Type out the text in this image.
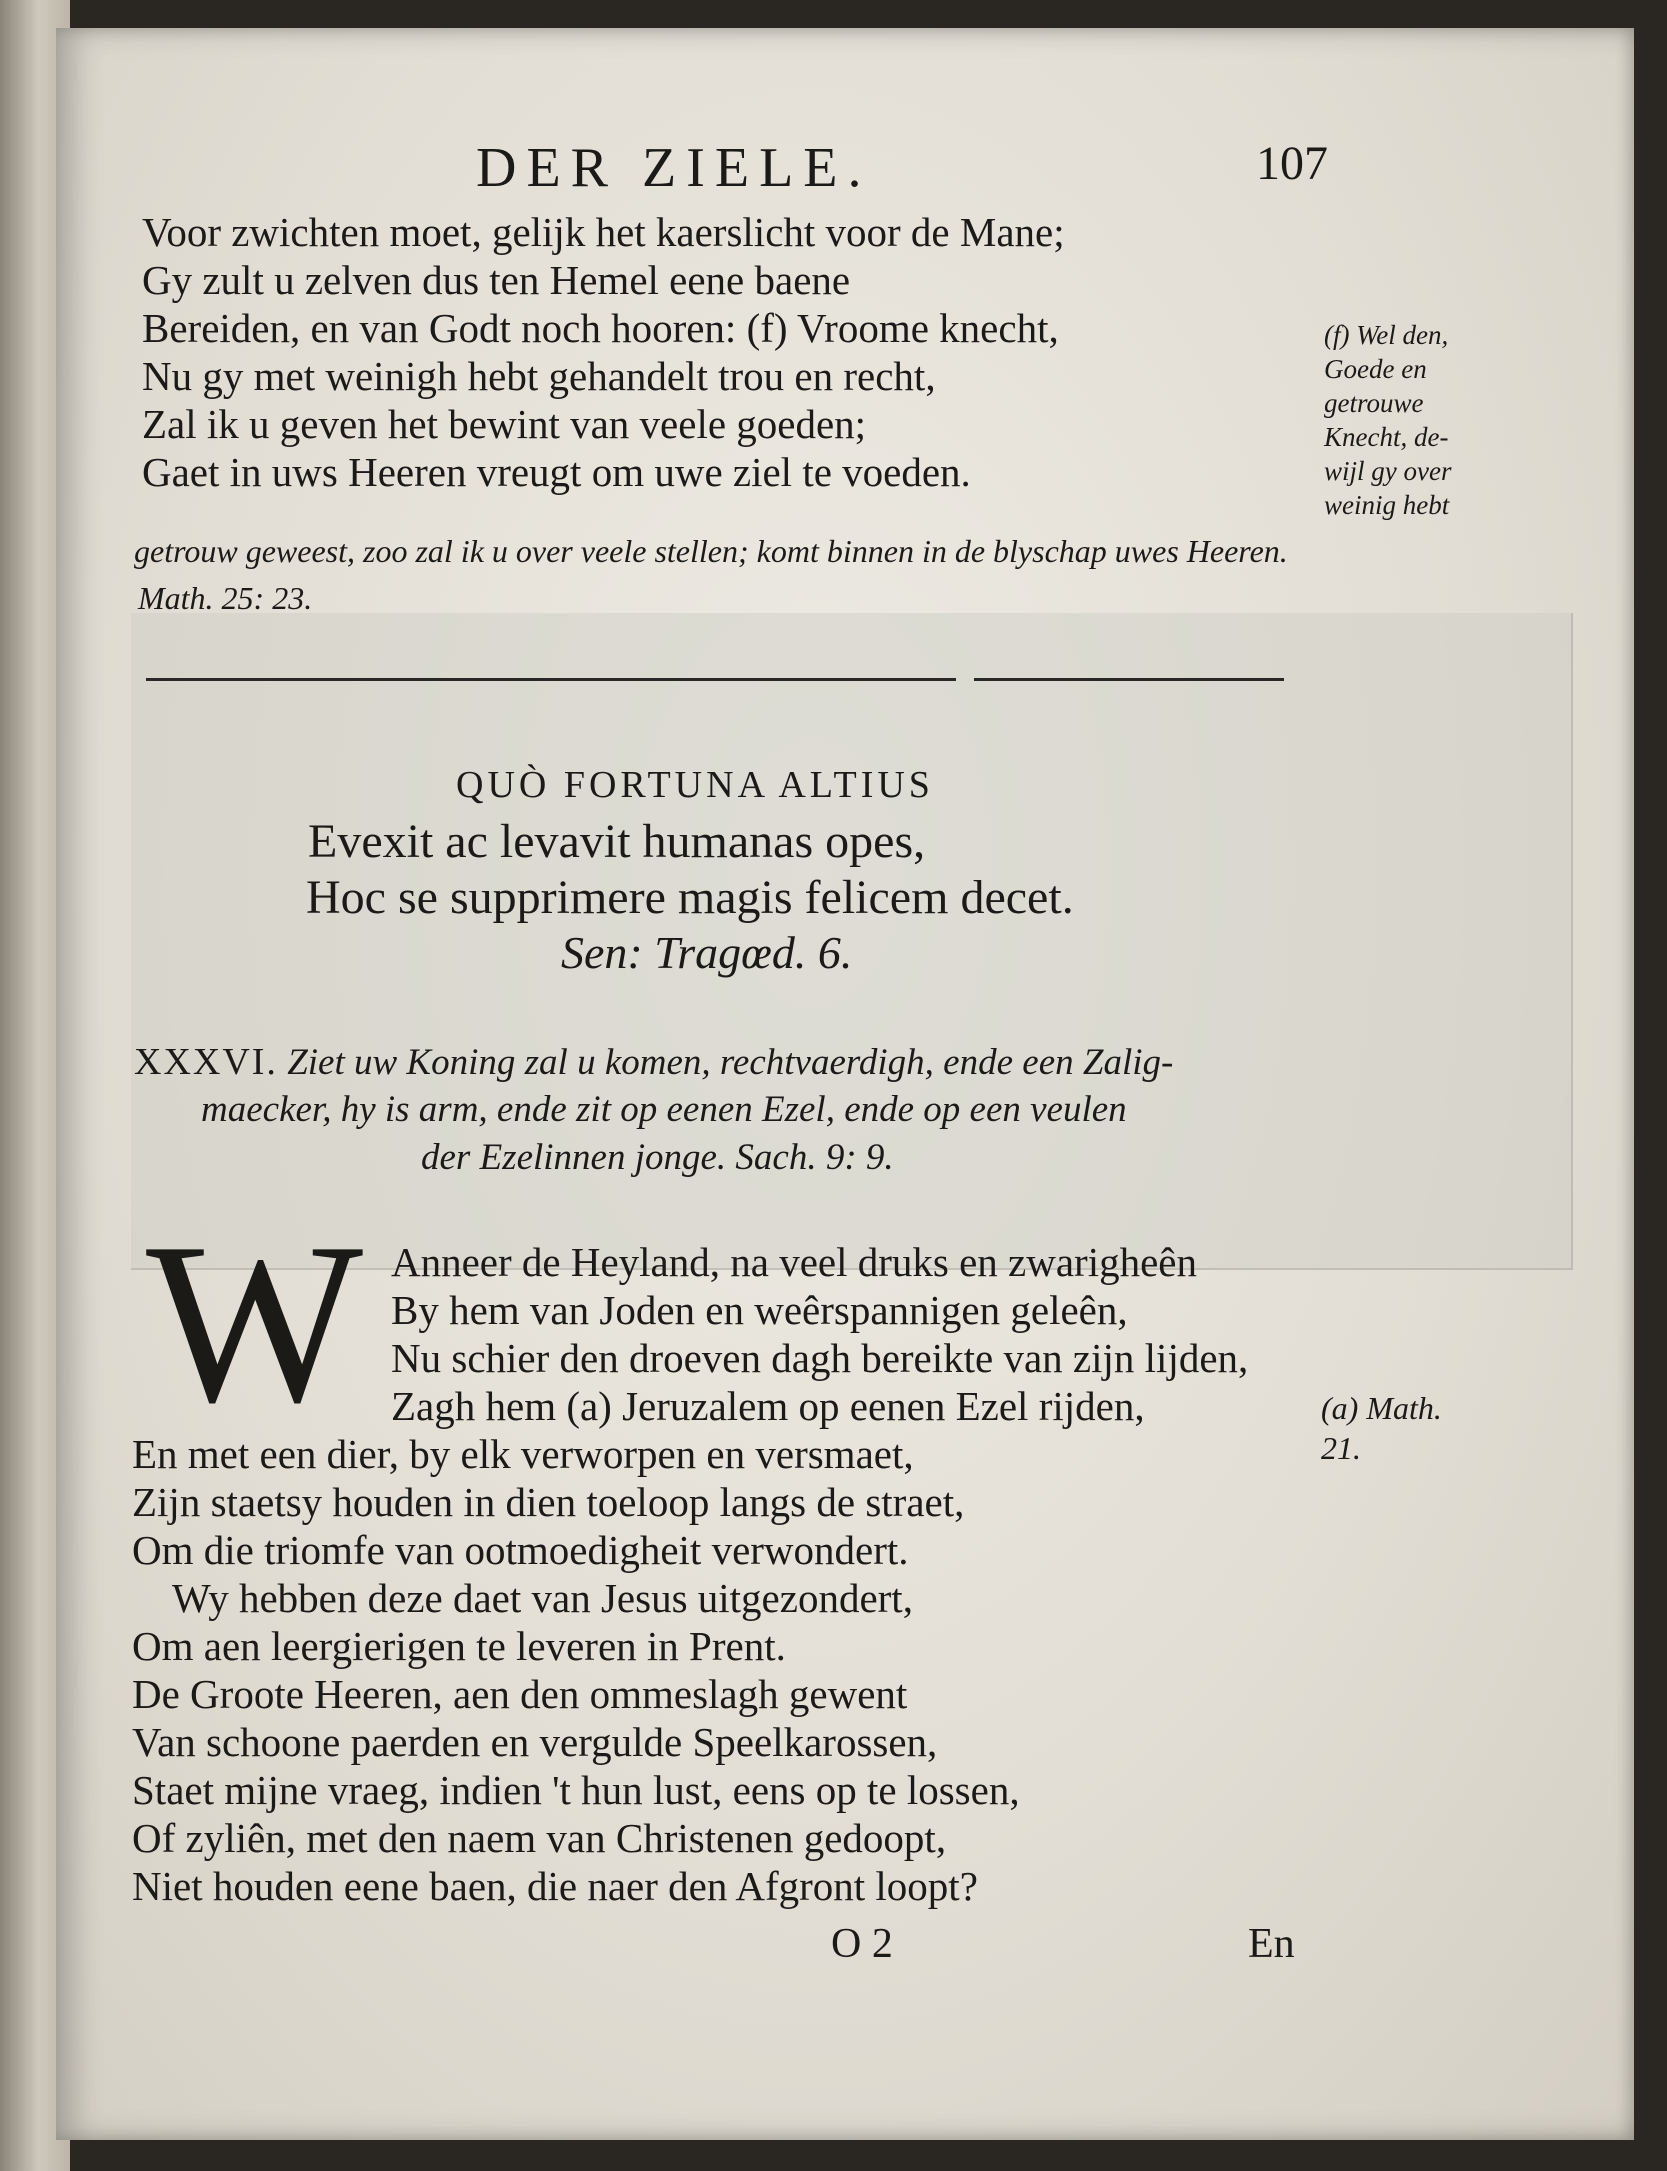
DER ZIELE.	107
Voor zwichten moet, gelijk het kaerslicht voor de Mane;
Gy zult u zelven dus ten Hemel eene baene
Bereiden, en van Godt noch hooren: (f) Vroome knecht,
Nu gy met weinigh hebt gehandelt trou en recht,
Zal ik u geven het bewint van veele goeden;
Gaet in uws Heeren vreugt om uwe ziel te voeden.
(f) Wel den,
Goede en
getrouwe
Knecht, de-
wijl gy over
weinig hebt
getrouw geweest, zoo zal ik u over veele stellen; komt binnen in de blyschap uwes Heeren.
Math. 25: 23.
QUÒ FORTUNA ALTIUS
Evexit ac levavit humanas opes,
Hoc se supprimere magis felicem decet.
Sen: Tragœd. 6.
XXXVI. Ziet uw Koning zal u komen, rechtvaerdigh, ende een Zalig-
maecker, hy is arm, ende zit op eenen Ezel, ende op een veulen
der Ezelinnen jonge. Sach. 9: 9.
W Anneer de Heyland, na veel druks en zwarigheên
By hem van Joden en weêrspannigen geleên,
Nu schier den droeven dagh bereikte van zijn lijden,
Zagh hem (a) Jeruzalem op eenen Ezel rijden,
En met een dier, by elk verworpen en versmaet,
Zijn staetsy houden in dien toeloop langs de straet,
Om die triomfe van ootmoedigheit verwondert.
Wy hebben deze daet van Jesus uitgezondert,
Om aen leergierigen te leveren in Prent.
De Groote Heeren, aen den ommeslagh gewent
Van schoone paerden en vergulde Speelkarossen,
Staet mijne vraeg, indien 't hun lust, eens op te lossen,
Of zyliên, met den naem van Christenen gedoopt,
Niet houden eene baen, die naer den Afgront loopt?
(a) Math.
21.
O 2	En
